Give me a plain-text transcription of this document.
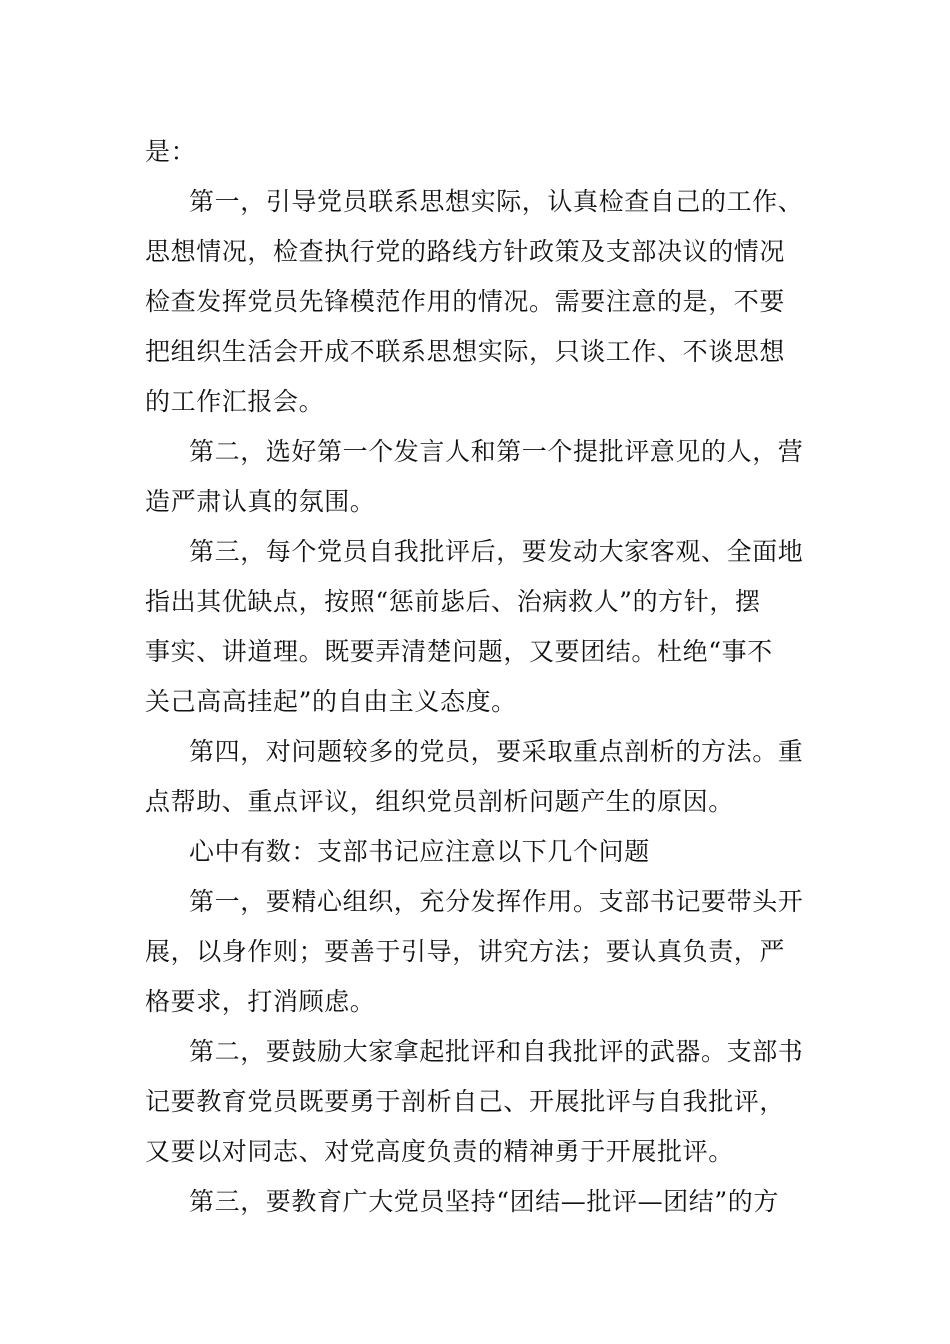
是：
第一，引导党员联系思想实际，认真检查自己的工作、
思想情况，检查执行党的路线方针政策及支部决议的情况
检查发挥党员先锋模范作用的情况。需要注意的是，不要
把组织生活会开成不联系思想实际，只谈工作、不谈思想
的工作汇报会。
第二，选好第一个发言人和第一个提批评意见的人，营
造严肃认真的氛围。
第三，每个党员自我批评后，要发动大家客观、全面地
指出其优缺点，按照“惩前毖后、治病救人”的方针，摆
事实、讲道理。既要弄清楚问题，又要团结。杜绝“事不
关己高高挂起”的自由主义态度。
第四，对问题较多的党员，要采取重点剖析的方法。重
点帮助、重点评议，组织党员剖析问题产生的原因。
心中有数：支部书记应注意以下几个问题
第一，要精心组织，充分发挥作用。支部书记要带头开
展，以身作则；要善于引导，讲究方法；要认真负责，严
格要求，打消顾虑。
第二，要鼓励大家拿起批评和自我批评的武器。支部书
记要教育党员既要勇于剖析自己、开展批评与自我批评，
又要以对同志、对党高度负责的精神勇于开展批评。
第三，要教育广大党员坚持“团结—批评—团结”的方
